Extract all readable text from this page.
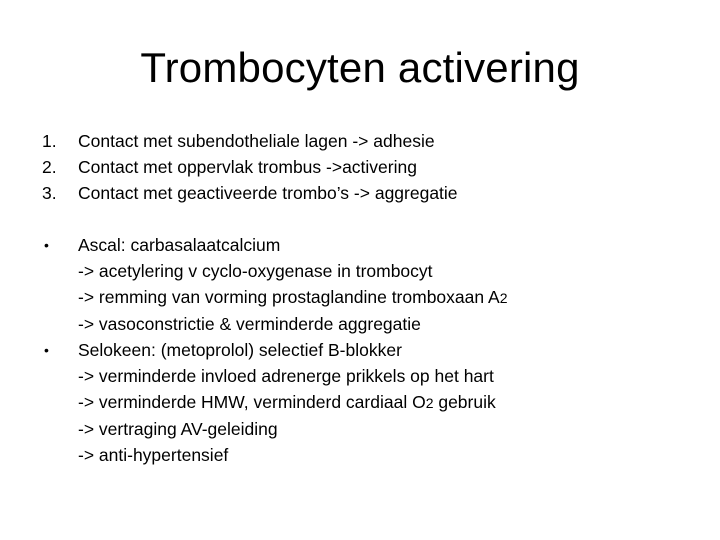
Trombocyten activering
1. Contact met subendotheliale lagen -> adhesie
2. Contact met oppervlak trombus ->activering
3. Contact met geactiveerde trombo’s -> aggregatie
• Ascal: carbasalaatcalcium
-> acetylering v cyclo-oxygenase in trombocyt
-> remming van vorming prostaglandine tromboxaan A2
-> vasoconstrictie & verminderde aggregatie
• Selokeen: (metoprolol) selectief B-blokker
-> verminderde invloed adrenerge prikkels op het hart
-> verminderde HMW, verminderd cardiaal O2 gebruik
-> vertraging AV-geleiding
-> anti-hypertensief
